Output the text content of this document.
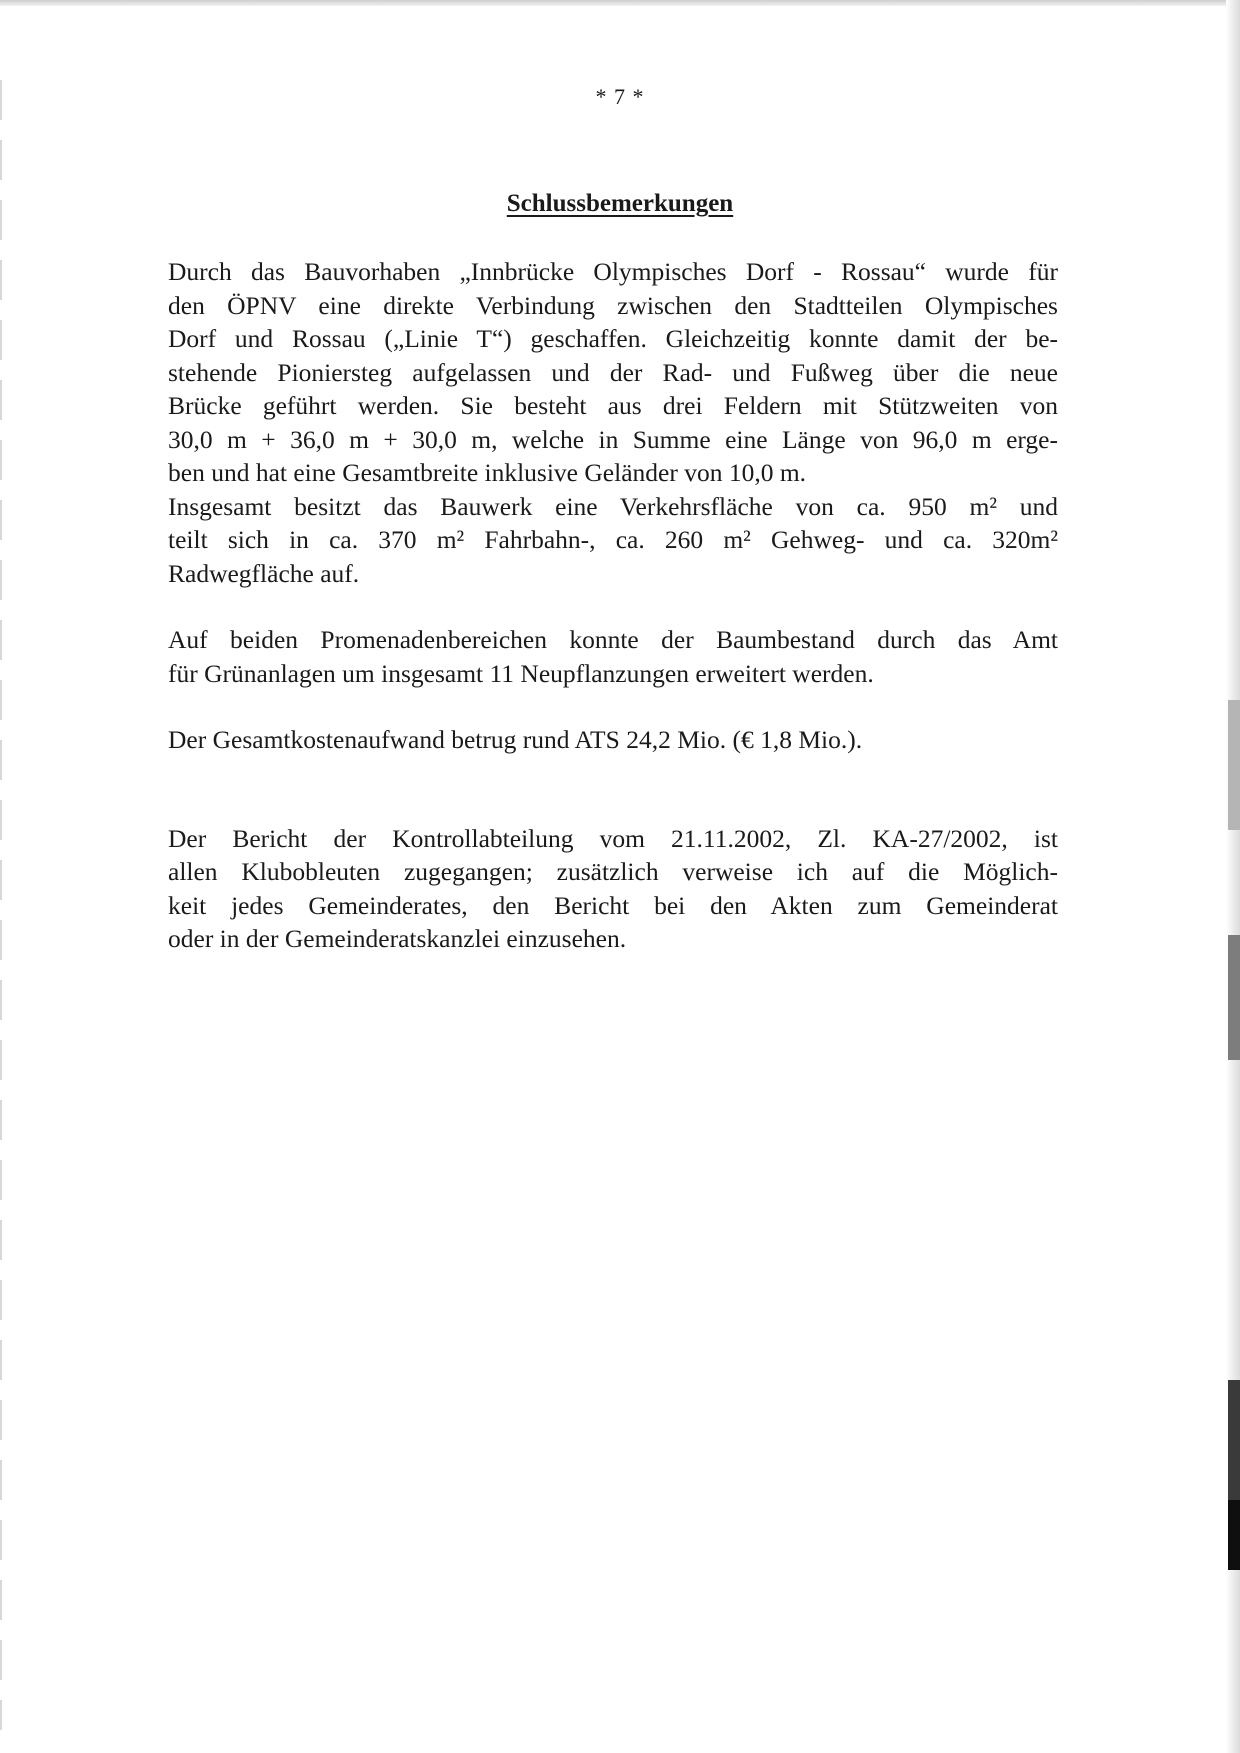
* 7 *
Schlussbemerkungen

Durch das Bauvorhaben „Innbrücke Olympisches Dorf - Rossau“ wurde für
den ÖPNV eine direkte Verbindung zwischen den Stadtteilen Olympisches
Dorf und Rossau („Linie T“) geschaffen. Gleichzeitig konnte damit der be-
stehende Pioniersteg aufgelassen und der Rad- und Fußweg über die neue
Brücke geführt werden. Sie besteht aus drei Feldern mit Stützweiten von
30,0 m + 36,0 m + 30,0 m, welche in Summe eine Länge von 96,0 m erge-
ben und hat eine Gesamtbreite inklusive Geländer von 10,0 m.
Insgesamt besitzt das Bauwerk eine Verkehrsfläche von ca. 950 m² und
teilt sich in ca. 370 m² Fahrbahn-, ca. 260 m² Gehweg- und ca. 320m²
Radwegfläche auf.

Auf beiden Promenadenbereichen konnte der Baumbestand durch das Amt
für Grünanlagen um insgesamt 11 Neupflanzungen erweitert werden.

Der Gesamtkostenaufwand betrug rund ATS 24,2 Mio. (€ 1,8 Mio.).

Der Bericht der Kontrollabteilung vom 21.11.2002, Zl. KA-27/2002, ist
allen Klubobleuten zugegangen; zusätzlich verweise ich auf die Möglich-
keit jedes Gemeinderates, den Bericht bei den Akten zum Gemeinderat
oder in der Gemeinderatskanzlei einzusehen.
